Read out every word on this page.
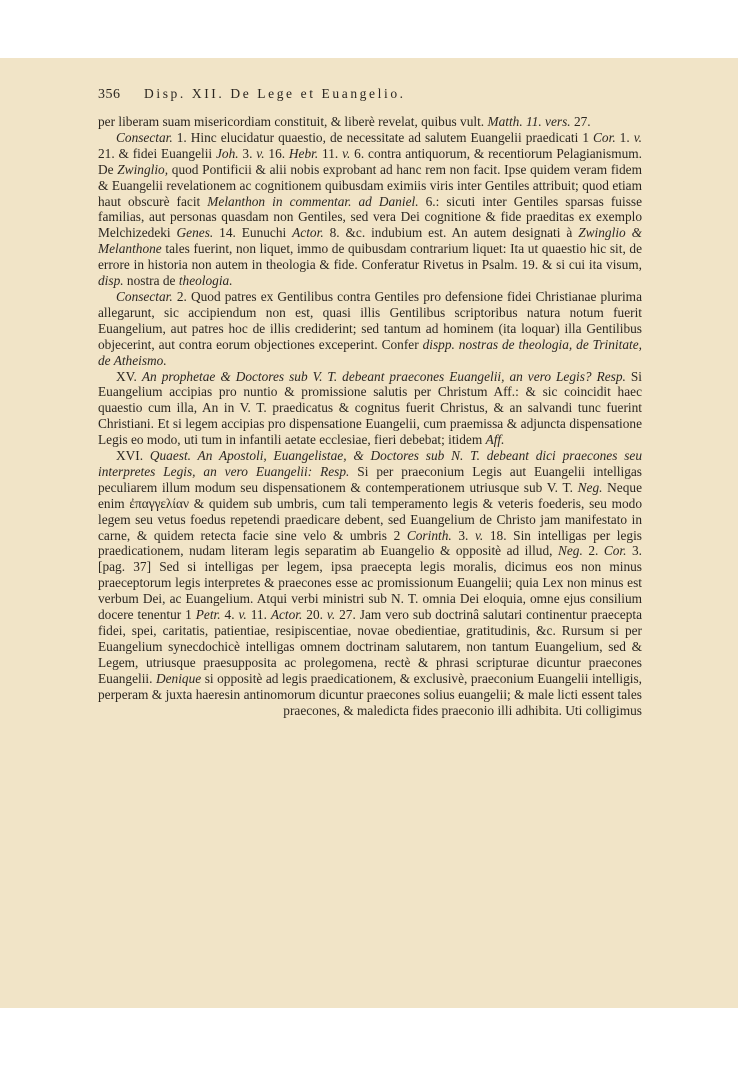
356	Disp. XII. De Lege et Euangelio.

per liberam suam misericordiam constituit, & liberè revelat, quibus vult. Matth. 11. vers. 27.

Consectar. 1. Hinc elucidatur quaestio, de necessitate ad salutem Euangelii praedicati 1 Cor. 1. v. 21. & fidei Euangelii Joh. 3. v. 16. Hebr. 11. v. 6. contra antiquorum, & recentiorum Pelagianismum. De Zwinglio, quod Pontificii & alii nobis exprobant ad hanc rem non facit. Ipse quidem veram fidem & Euangelii revelationem ac cognitionem quibusdam eximiis viris inter Gentiles attribuit; quod etiam haut obscurè facit Melanthon in commentar. ad Daniel. 6.: sicuti inter Gentiles sparsas fuisse familias, aut personas quasdam non Gentiles, sed vera Dei cognitione & fide praeditas ex exemplo Melchizedeki Genes. 14. Eunuchi Actor. 8. &c. indubium est. An autem designati à Zwinglio & Melanthone tales fuerint, non liquet, immo de quibusdam contrarium liquet: Ita ut quaestio hic sit, de errore in historia non autem in theologia & fide. Conferatur Rivetus in Psalm. 19. & si cui ita visum, disp. nostra de theologia.

Consectar. 2. Quod patres ex Gentilibus contra Gentiles pro defensione fidei Christianae plurima allegarunt, sic accipiendum non est, quasi illis Gentilibus scriptoribus natura notum fuerit Euangelium, aut patres hoc de illis crediderint; sed tantum ad hominem (ita loquar) illa Gentilibus objecerint, aut contra eorum objectiones exceperint. Confer dispp. nostras de theologia, de Trinitate, de Atheismo.

XV. An prophetae & Doctores sub V. T. debeant praecones Euangelii, an vero Legis? Resp. Si Euangelium accipias pro nuntio & promissione salutis per Christum Aff.: & sic coincidit haec quaestio cum illa, An in V. T. praedicatus & cognitus fuerit Christus, & an salvandi tunc fuerint Christiani. Et si legem accipias pro dispensatione Euangelii, cum praemissa & adjuncta dispensatione Legis eo modo, uti tum in infantili aetate ecclesiae, fieri debebat; itidem Aff.

XVI. Quaest. An Apostoli, Euangelistae, & Doctores sub N. T. debeant dici praecones seu interpretes Legis, an vero Euangelii: Resp. Si per praeconium Legis aut Euangelii intelligas peculiarem illum modum seu dispensationem & contemperationem utriusque sub V. T. Neg. Neque enim ἐπαγγελίαν & quidem sub umbris, cum tali temperamento legis & veteris foederis, seu modo legem seu vetus foedus repetendi praedicare debent, sed Euangelium de Christo jam manifestato in carne, & quidem retecta facie sine velo & umbris 2 Corinth. 3. v. 18. Sin intelligas per legis praedicationem, nudam literam legis separatim ab Euangelio & oppositè ad illud, Neg. 2. Cor. 3. [pag. 37] Sed si intelligas per legem, ipsa praecepta legis moralis, dicimus eos non minus praeceptorum legis interpretes & praecones esse ac promissionum Euangelii; quia Lex non minus est verbum Dei, ac Euangelium. Atqui verbi ministri sub N. T. omnia Dei eloquia, omne ejus consilium docere tenentur 1 Petr. 4. v. 11. Actor. 20. v. 27. Jam vero sub doctrinâ salutari continentur praecepta fidei, spei, caritatis, patientiae, resipiscentiae, novae obedientiae, gratitudinis, &c. Rursum si per Euangelium synecdochicè intelligas omnem doctrinam salutarem, non tantum Euangelium, sed & Legem, utriusque praesupposita ac prolegomena, rectè & phrasi scripturae dicuntur praecones Euangelii. Denique si oppositè ad legis praedicationem, & exclusivè, praeconium Euangelii intelligis, perperam & juxta haeresin antinomorum dicuntur praecones solius euangelii; & male licti essent tales praecones, & maledicta fides praeconio illi adhibita. Uti colligimus
